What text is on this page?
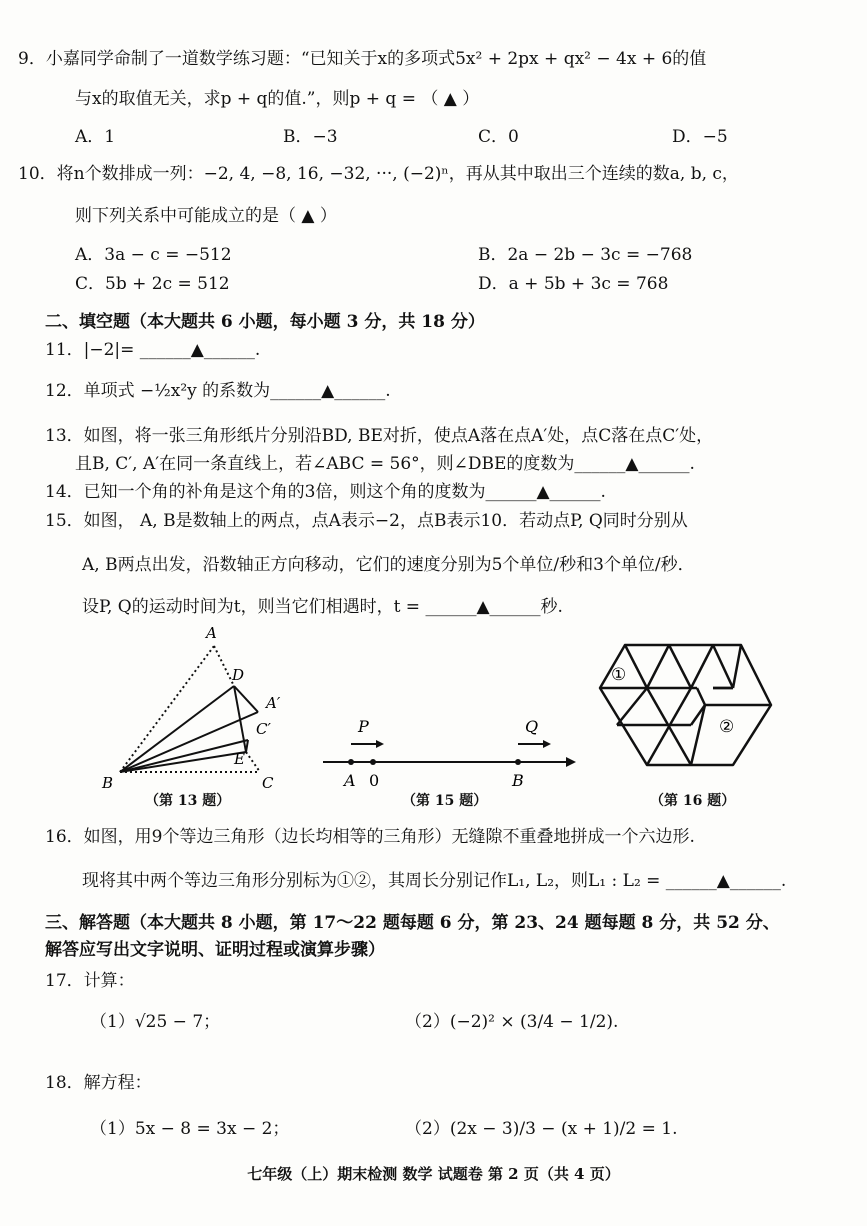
9．小嘉同学命制了一道数学练习题：“已知关于x的多项式5x² + 2px + qx² − 4x + 6的值
与x的取值无关，求p + q的值.”，则p + q = （ ▲ ）
A．1	B．−3	C．0	D．−5
10．将n个数排成一列：−2, 4, −8, 16, −32, ···, (−2)ⁿ，再从其中取出三个连续的数a, b, c，
则下列关系中可能成立的是（ ▲ ）
A．3a − c = −512	B．2a − 2b − 3c = −768
C．5b + 2c = 512	D．a + 5b + 3c = 768
二、填空题（本大题共 6 小题，每小题 3 分，共 18 分）
11．|−2|= ______▲______.
12．单项式 −½x²y 的系数为______▲______.
13．如图，将一张三角形纸片分别沿BD, BE对折，使点A落在点A′处，点C落在点C′处，
且B, C′, A′在同一条直线上，若∠ABC = 56°，则∠DBE的度数为______▲______.
14．已知一个角的补角是这个角的3倍，则这个角的度数为______▲______.
15．如图， A, B是数轴上的两点，点A表示−2，点B表示10．若动点P, Q同时分别从
A, B两点出发，沿数轴正方向移动，它们的速度分别为5个单位/秒和3个单位/秒．
设P, Q的运动时间为t，则当它们相遇时，t = ______▲______秒.
A
D
A′
C′
E
B	C
（第 13 题）
P	Q
A 0	B
（第 15 题）
①
②
（第 16 题）
16．如图，用9个等边三角形（边长均相等的三角形）无缝隙不重叠地拼成一个六边形.
现将其中两个等边三角形分别标为①②，其周长分别记作L₁, L₂，则L₁ : L₂ = ______▲______.
三、解答题（本大题共 8 小题，第 17～22 题每题 6 分，第 23、24 题每题 8 分，共 52 分、
解答应写出文字说明、证明过程或演算步骤）
17．计算：
（1）√25 − 7；	（2）(−2)² × (3/4 − 1/2).
18．解方程：
（1）5x − 8 = 3x − 2；	（2）(2x − 3)/3 − (x + 1)/2 = 1.
七年级（上）期末检测 数学 试题卷 第 2 页（共 4 页）
